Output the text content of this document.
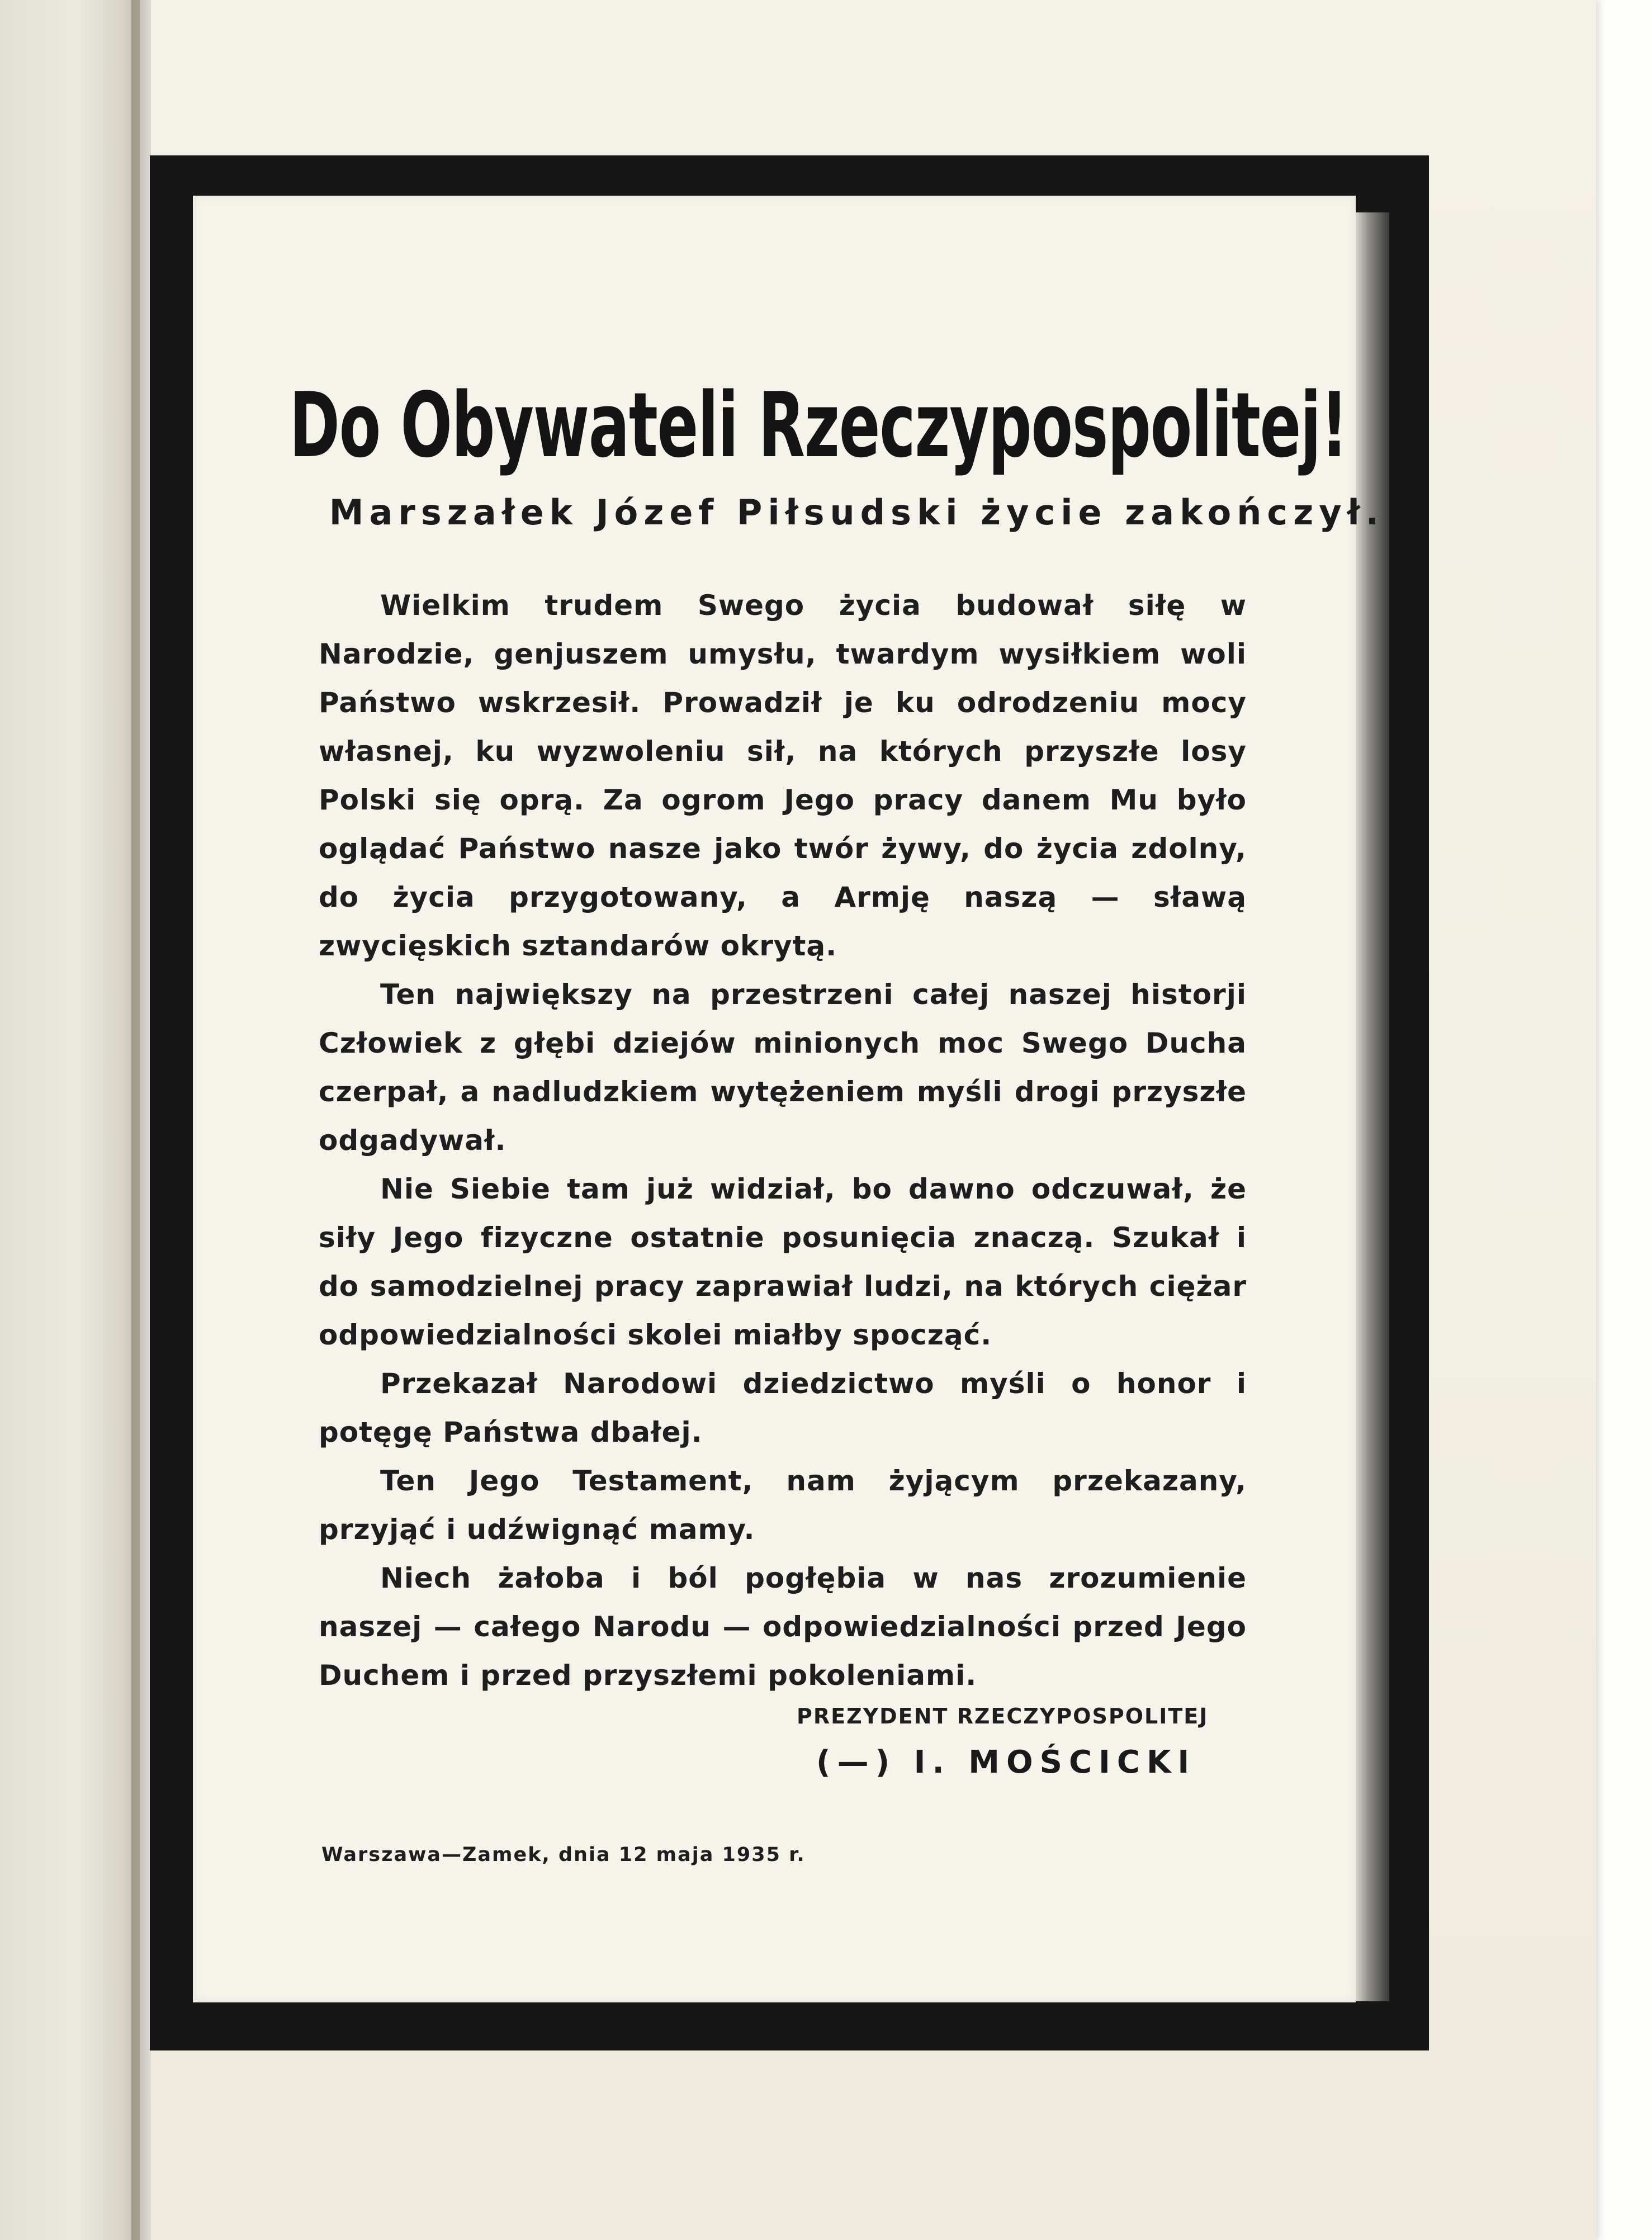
Do Obywateli Rzeczypospolitej!
Marszałek Józef Piłsudski życie zakończył.

Wielkim trudem Swego życia budował siłę w Narodzie, genjuszem umysłu, twardym wysiłkiem woli Państwo wskrzesił. Prowadził je ku odrodzeniu mocy własnej, ku wyzwoleniu sił, na których przyszłe losy Polski się oprą. Za ogrom Jego pracy danem Mu było oglądać Państwo nasze jako twór żywy, do życia zdolny, do życia przygotowany, a Armję naszą — sławą zwycięskich sztandarów okrytą.

Ten największy na przestrzeni całej naszej historji Człowiek z głębi dziejów minionych moc Swego Ducha czerpał, a nadludzkiem wytężeniem myśli drogi przyszłe odgadywał.

Nie Siebie tam już widział, bo dawno odczuwał, że siły Jego fizyczne ostatnie posunięcia znaczą. Szukał i do samodzielnej pracy zaprawiał ludzi, na których ciężar odpowiedzialności skolei miałby spocząć.

Przekazał Narodowi dziedzictwo myśli o honor i potęgę Państwa dbałej.

Ten Jego Testament, nam żyjącym przekazany, przyjąć i udźwignąć mamy.

Niech żałoba i ból pogłębia w nas zrozumienie naszej — całego Narodu — odpowiedzialności przed Jego Duchem i przed przyszłemi pokoleniami.

PREZYDENT RZECZYPOSPOLITEJ
(—) I. MOŚCICKI
Warszawa—Zamek, dnia 12 maja 1935 r.
